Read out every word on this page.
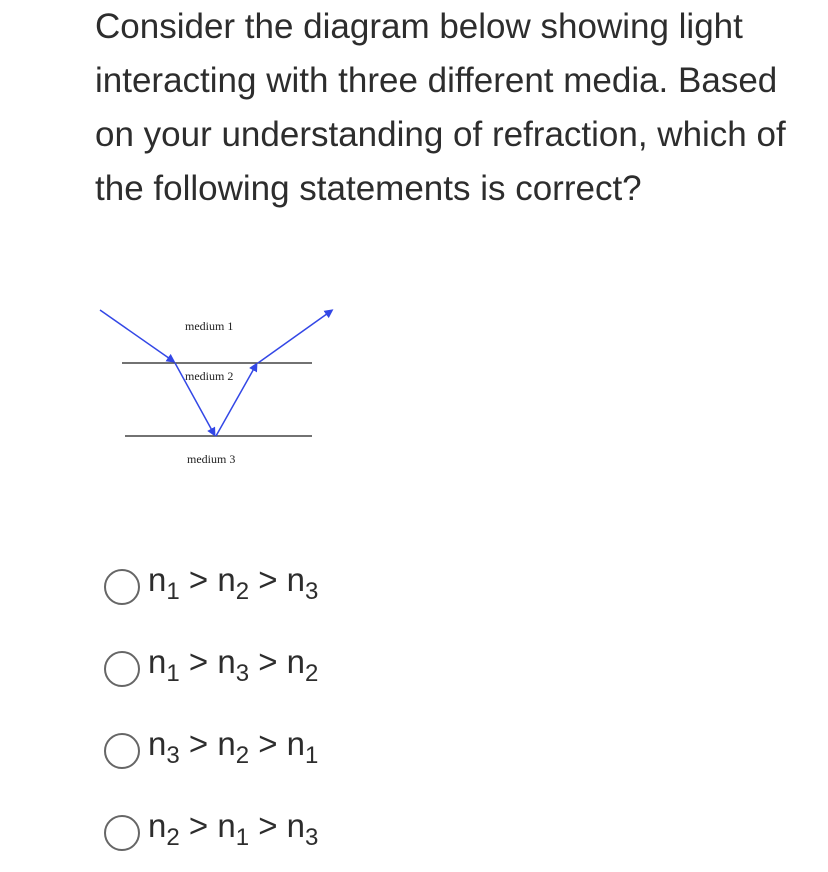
Consider the diagram below showing light interacting with three different media. Based on your understanding of refraction, which of the following statements is correct?

medium 1
medium 2
medium 3
$n_1 > n_2 > n_3$
$n_1 > n_3 > n_2$
$n_3 > n_2 > n_1$
$n_2 > n_1 > n_3$
